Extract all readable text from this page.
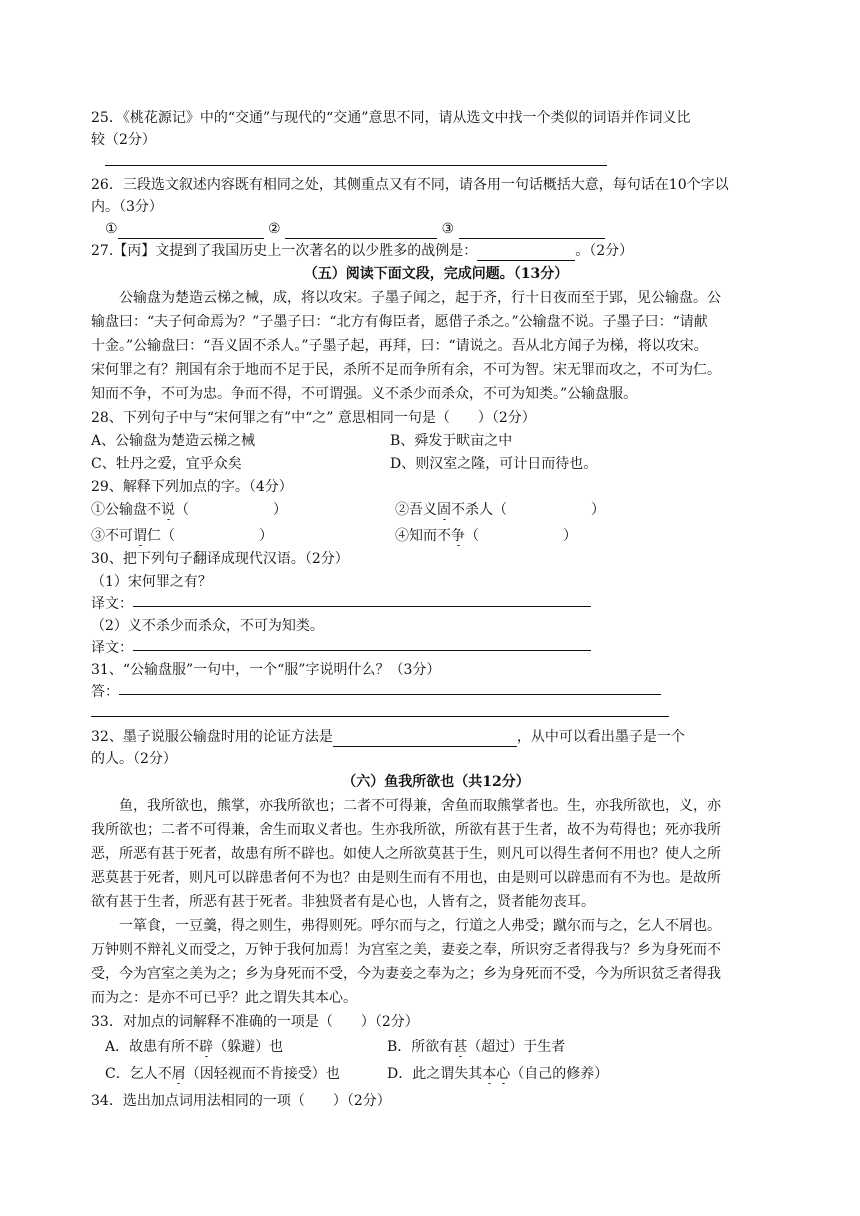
25．《桃花源记》中的“交通”与现代的“交通”意思不同，请从选文中找一个类似的词语并作词义比
较（2分）
26．三段选文叙述内容既有相同之处，其侧重点又有不同，请各用一句话概括大意，每句话在10个字以
内。（3分）
①	②	③
27.【丙】文提到了我国历史上一次著名的以少胜多的战例是：	。（2分）
（五）阅读下面文段，完成问题。（13分）
公输盘为楚造云梯之械，成，将以攻宋。子墨子闻之，起于齐，行十日夜而至于郢，见公输盘。公
输盘曰：“夫子何命焉为？”子墨子曰：“北方有侮臣者，愿借子杀之。”公输盘不说。子墨子曰：“请献
十金。”公输盘曰：“吾义固不杀人。”子墨子起，再拜，曰：“请说之。吾从北方闻子为梯，将以攻宋。
宋何罪之有？荆国有余于地而不足于民，杀所不足而争所有余，不可为智。宋无罪而攻之，不可为仁。
知而不争，不可为忠。争而不得，不可谓强。义不杀少而杀众，不可为知类。”公输盘服。
28、下列句子中与“宋何罪之有”中“之” 意思相同一句是（　　）（2分）
A、公输盘为楚造云梯之械	B、舜发于畎亩之中
C、牡丹之爱，宜乎众矣	D、则汉室之隆，可计日而待也。
29、解释下列加点的字。（4分）
①公输盘不说（　　　　　　）	②吾义固不杀人（　　　　　　）
③不可谓仁（　　　　　　）	④知而不争（　　　　　　）
30、把下列句子翻译成现代汉语。（2分）
（1）宋何罪之有？
译文：
（2）义不杀少而杀众，不可为知类。
译文：
31、“公输盘服”一句中，一个“服”字说明什么？（3分）
答：
32、墨子说服公输盘时用的论证方法是	，从中可以看出墨子是一个
的人。（2分）
（六）鱼我所欲也（共12分）
鱼，我所欲也，熊掌，亦我所欲也；二者不可得兼，舍鱼而取熊掌者也。生，亦我所欲也，义，亦
我所欲也；二者不可得兼，舍生而取义者也。生亦我所欲，所欲有甚于生者，故不为苟得也；死亦我所
恶，所恶有甚于死者，故患有所不辟也。如使人之所欲莫甚于生，则凡可以得生者何不用也？使人之所
恶莫甚于死者，则凡可以辟患者何不为也？由是则生而有不用也，由是则可以辟患而有不为也。是故所
欲有甚于生者，所恶有甚于死者。非独贤者有是心也，人皆有之，贤者能勿丧耳。
一箪食，一豆羹，得之则生，弗得则死。呼尔而与之，行道之人弗受；蹴尔而与之，乞人不屑也。
万钟则不辩礼义而受之，万钟于我何加焉！为宫室之美，妻妾之奉，所识穷乏者得我与？乡为身死而不
受，今为宫室之美为之；乡为身死而不受，今为妻妾之奉为之；乡为身死而不受，今为所识贫乏者得我
而为之：是亦不可已乎？此之谓失其本心。
33．对加点的词解释不准确的一项是（　　）（2分）
A．故患有所不辟（躲避）也	B．所欲有甚（超过）于生者
C．乞人不屑（因轻视而不肯接受）也	D．此之谓失其本心（自己的修养）
34．选出加点词用法相同的一项（　　）（2分）
